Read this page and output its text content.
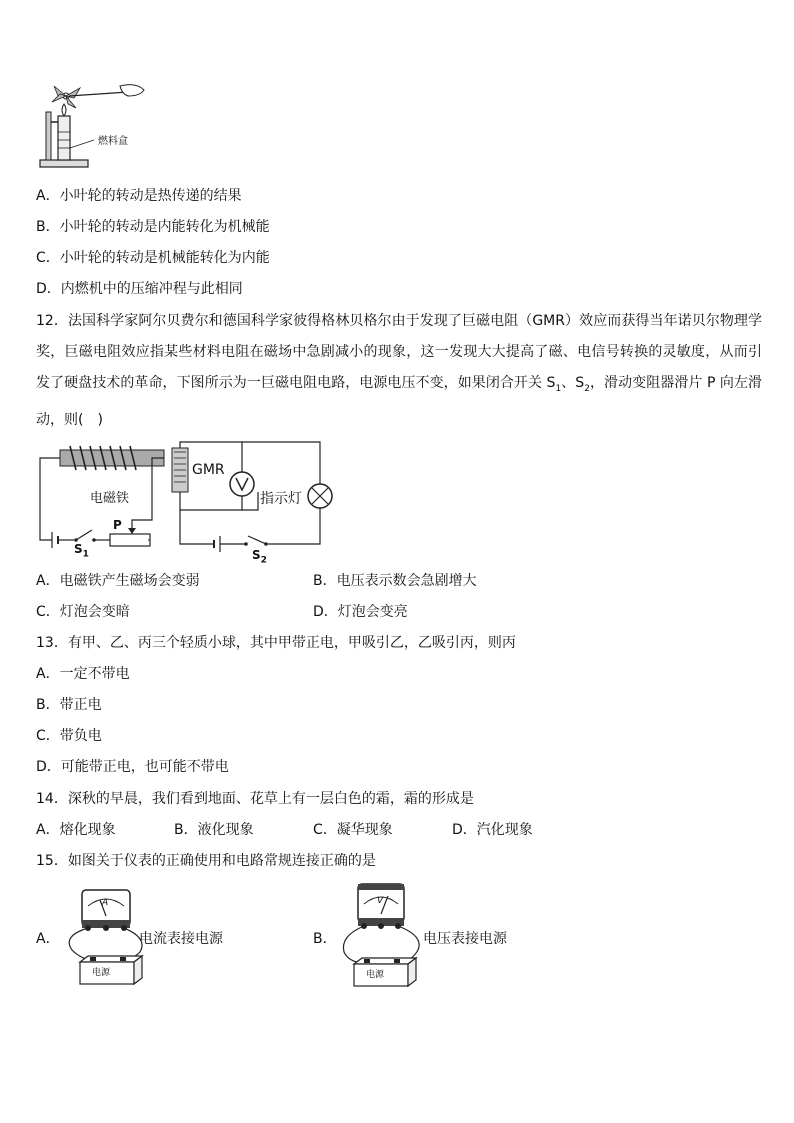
燃料盒
A．小叶轮的转动是热传递的结果
B．小叶轮的转动是内能转化为机械能
C．小叶轮的转动是机械能转化为内能
D．内燃机中的压缩冲程与此相同

12．法国科学家阿尔贝费尔和德国科学家彼得格林贝格尔由于发现了巨磁电阻（GMR）效应而获得当年诺贝尔物理学奖，巨磁电阻效应指某些材料电阻在磁场中急剧减小的现象，这一发现大大提高了磁、电信号转换的灵敏度，从而引发了硬盘技术的革命，下图所示为一巨磁电阻电路，电源电压不变，如果闭合开关 $S_1$、$S_2$，滑动变阻器滑片 P 向左滑动，则(　)

电磁铁
GMR
指示灯
P
$S_1$	$S_2$
A．电磁铁产生磁场会变弱	B．电压表示数会急剧增大
C．灯泡会变暗	D．灯泡会变亮
13．有甲、乙、丙三个轻质小球，其中甲带正电，甲吸引乙，乙吸引丙，则丙
A．一定不带电
B．带正电
C．带负电
D．可能带正电，也可能不带电
14．深秋的早晨，我们看到地面、花草上有一层白色的霜，霜的形成是
A．熔化现象	B．液化现象	C．凝华现象	D．汽化现象
15．如图关于仪表的正确使用和电路常规连接正确的是
A．
A
电源
电流表接电源	B．
V
电源
电压表接电源
